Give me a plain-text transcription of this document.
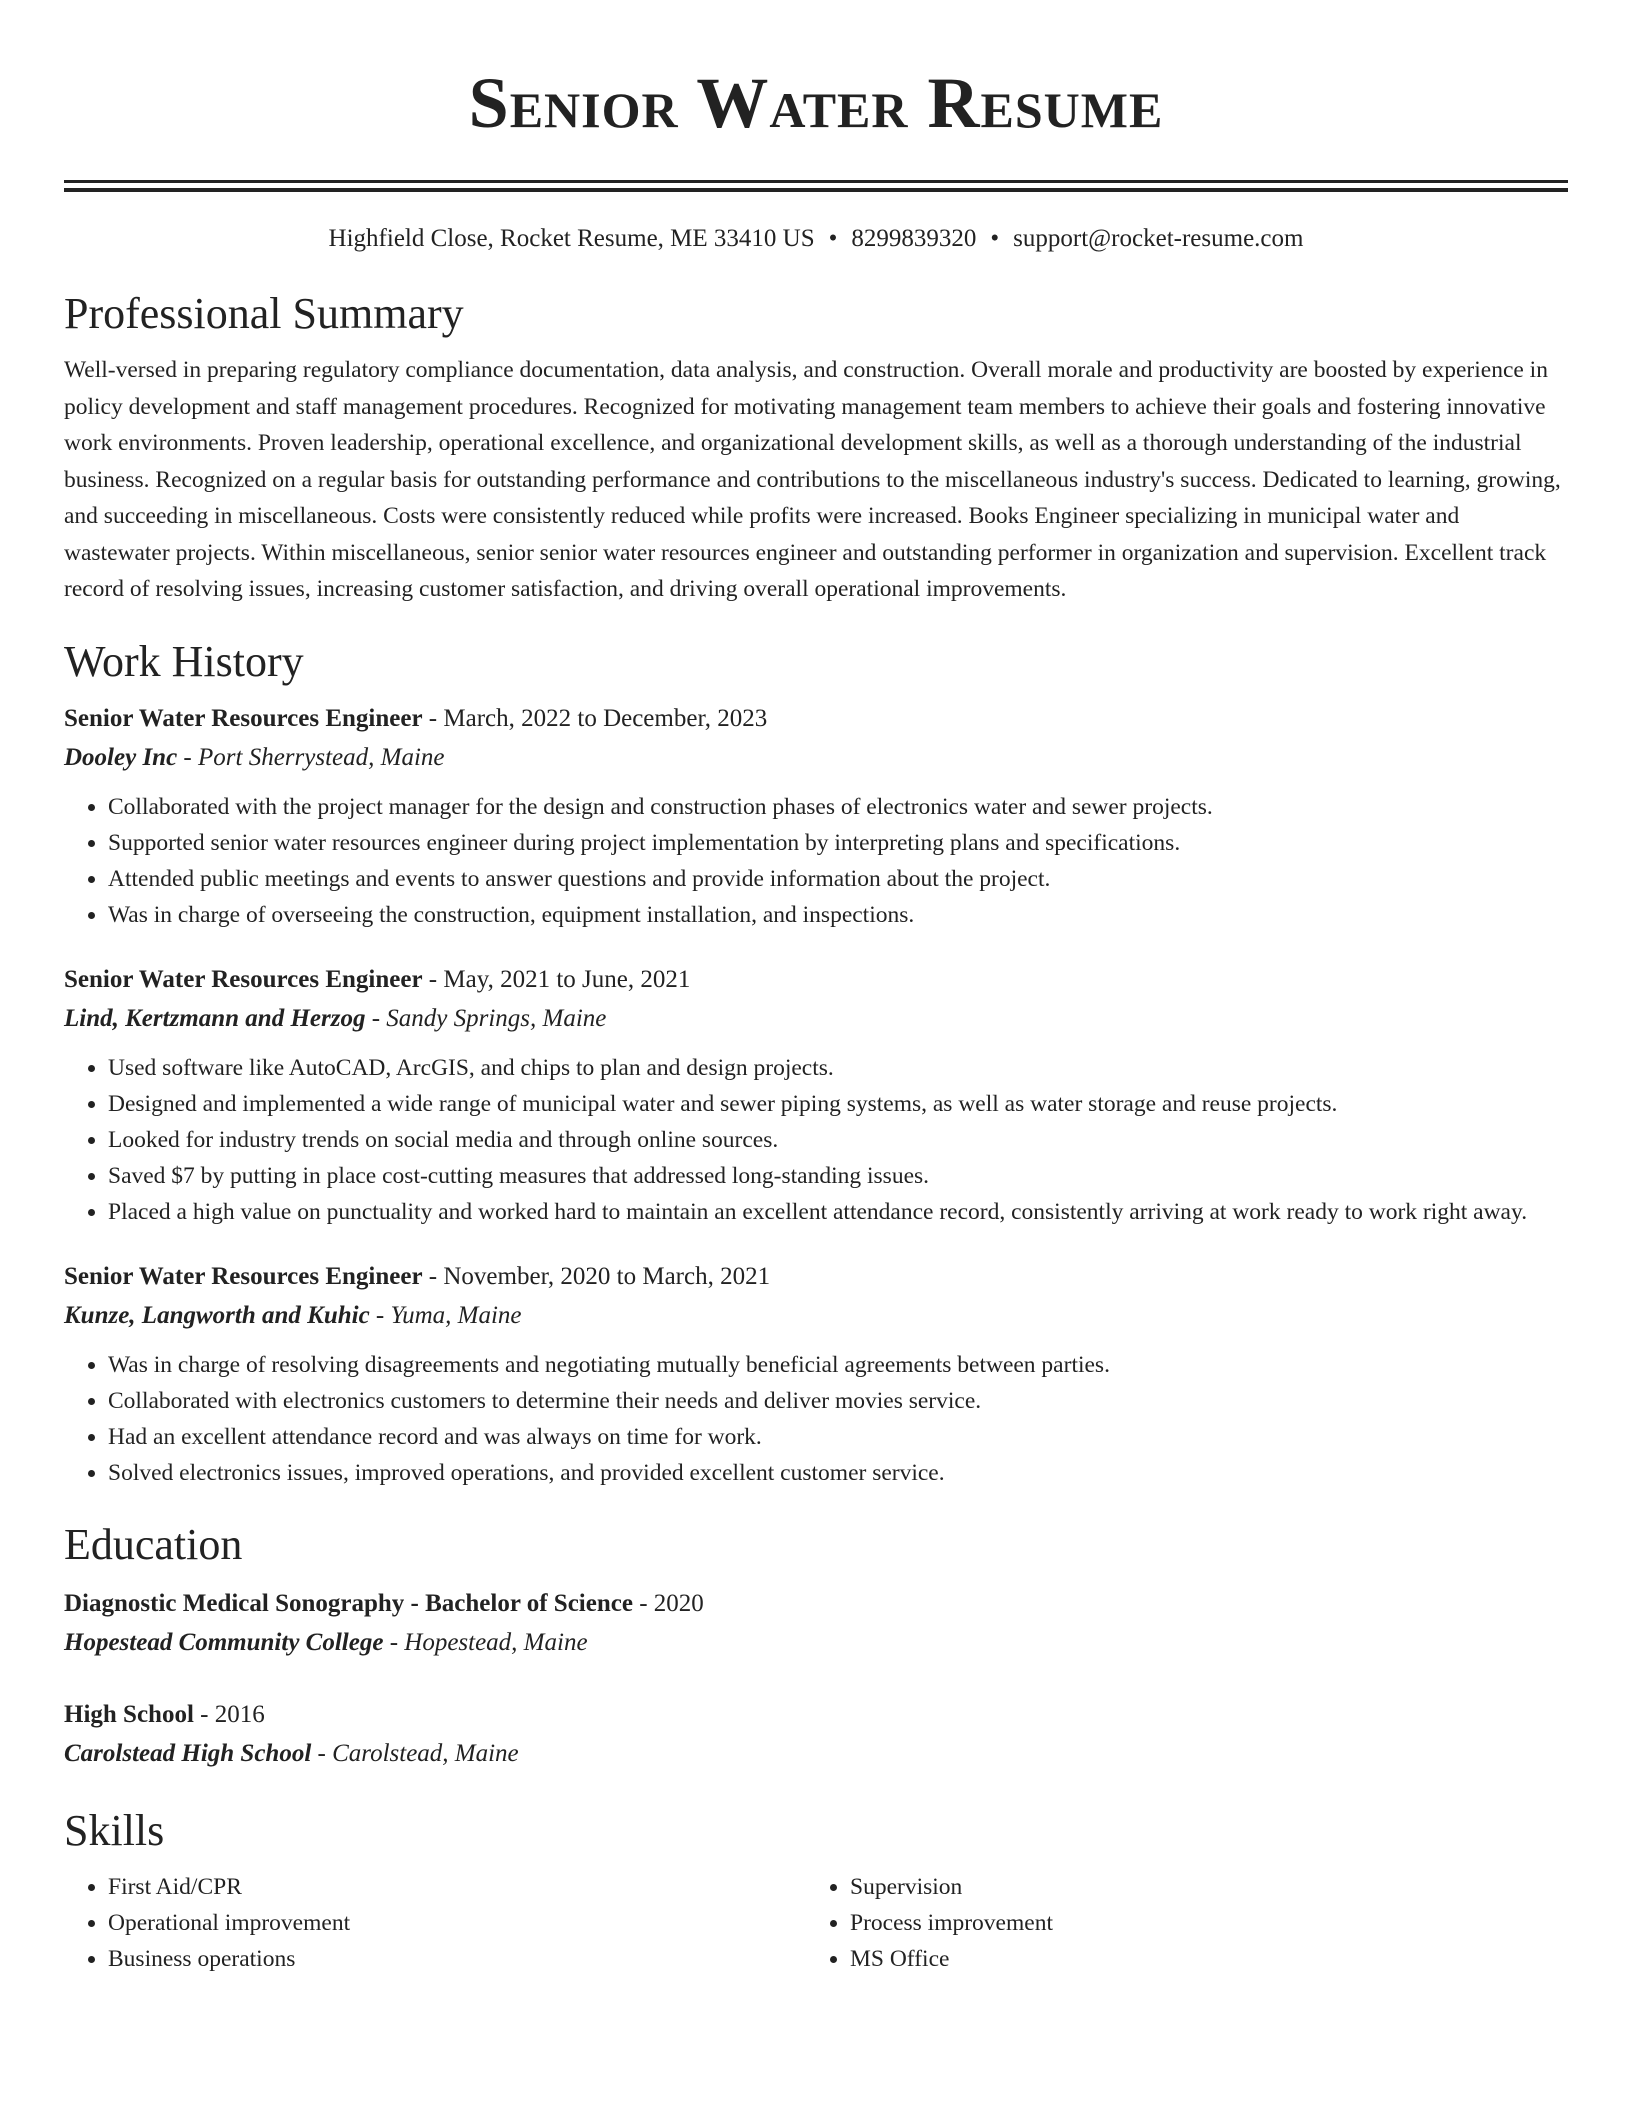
Senior Water Resume
Highfield Close, Rocket Resume, ME 33410 US • 8299839320 • support@rocket-resume.com
Professional Summary

Well-versed in preparing regulatory compliance documentation, data analysis, and construction. Overall morale and productivity are boosted by experience in policy development and staff management procedures. Recognized for motivating management team members to achieve their goals and fostering innovative work environments. Proven leadership, operational excellence, and organizational development skills, as well as a thorough understanding of the industrial business. Recognized on a regular basis for outstanding performance and contributions to the miscellaneous industry's success. Dedicated to learning, growing, and succeeding in miscellaneous. Costs were consistently reduced while profits were increased. Books Engineer specializing in municipal water and wastewater projects. Within miscellaneous, senior senior water resources engineer and outstanding performer in organization and supervision. Excellent track record of resolving issues, increasing customer satisfaction, and driving overall operational improvements.

Work History
Senior Water Resources Engineer - March, 2022 to December, 2023
Dooley Inc - Port Sherrystead, Maine
• Collaborated with the project manager for the design and construction phases of electronics water and sewer projects.
• Supported senior water resources engineer during project implementation by interpreting plans and specifications.
• Attended public meetings and events to answer questions and provide information about the project.
• Was in charge of overseeing the construction, equipment installation, and inspections.
Senior Water Resources Engineer - May, 2021 to June, 2021
Lind, Kertzmann and Herzog - Sandy Springs, Maine
• Used software like AutoCAD, ArcGIS, and chips to plan and design projects.
• Designed and implemented a wide range of municipal water and sewer piping systems, as well as water storage and reuse projects.
• Looked for industry trends on social media and through online sources.
• Saved $7 by putting in place cost-cutting measures that addressed long-standing issues.
• Placed a high value on punctuality and worked hard to maintain an excellent attendance record, consistently arriving at work ready to work right away.
Senior Water Resources Engineer - November, 2020 to March, 2021
Kunze, Langworth and Kuhic - Yuma, Maine
• Was in charge of resolving disagreements and negotiating mutually beneficial agreements between parties.
• Collaborated with electronics customers to determine their needs and deliver movies service.
• Had an excellent attendance record and was always on time for work.
• Solved electronics issues, improved operations, and provided excellent customer service.
Education
Diagnostic Medical Sonography - Bachelor of Science - 2020
Hopestead Community College - Hopestead, Maine
High School - 2016
Carolstead High School - Carolstead, Maine
Skills
• First Aid/CPR
• Operational improvement
• Business operations
• Supervision
• Process improvement
• MS Office
